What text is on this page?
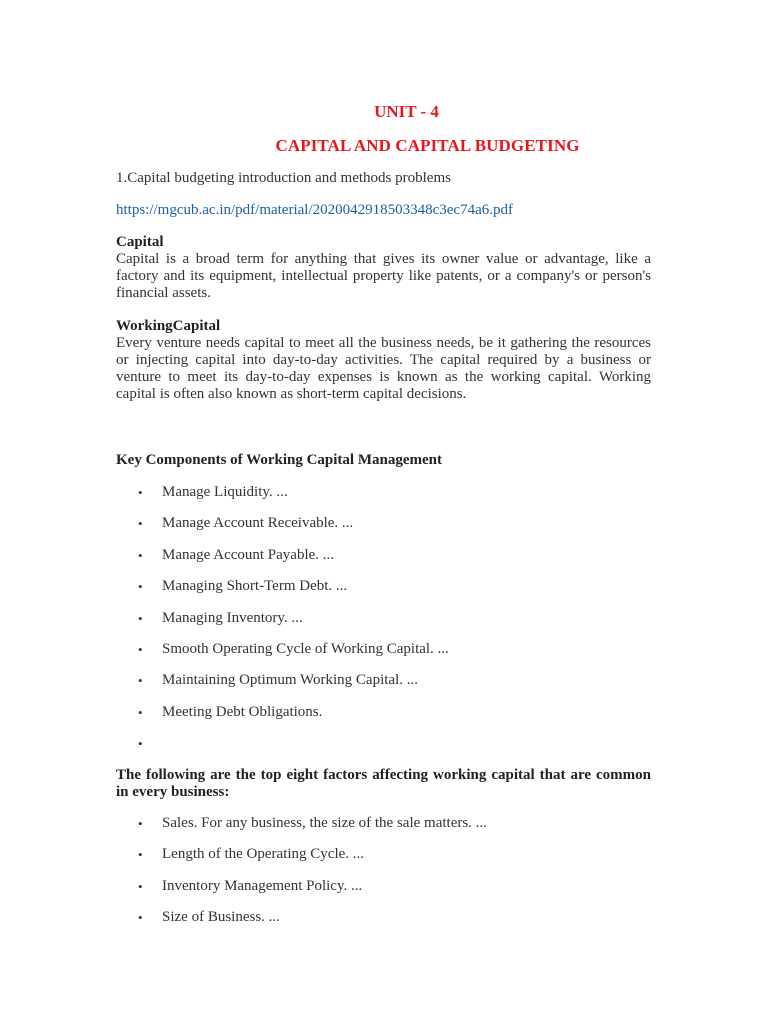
UNIT - 4
CAPITAL AND CAPITAL BUDGETING

1.Capital budgeting introduction and methods problems

https://mgcub.ac.in/pdf/material/2020042918503348c3ec74a6.pdf
Capital

Capital is a broad term for anything that gives its owner value or advantage, like a factory and its equipment, intellectual property like patents, or a company's or person's financial assets.

WorkingCapital

Every venture needs capital to meet all the business needs, be it gathering the resources or injecting capital into day-to-day activities. The capital required by a business or venture to meet its day-to-day expenses is known as the working capital. Working capital is often also known as short-term capital decisions.

Key Components of Working Capital Management
• Manage Liquidity. ...
• Manage Account Receivable. ...
• Manage Account Payable. ...
• Managing Short-Term Debt. ...
• Managing Inventory. ...
• Smooth Operating Cycle of Working Capital. ...
• Maintaining Optimum Working Capital. ...
• Meeting Debt Obligations.
•
The following are the top eight factors affecting working capital that are common in every business:
• Sales. For any business, the size of the sale matters. ...
• Length of the Operating Cycle. ...
• Inventory Management Policy. ...
• Size of Business. ...
